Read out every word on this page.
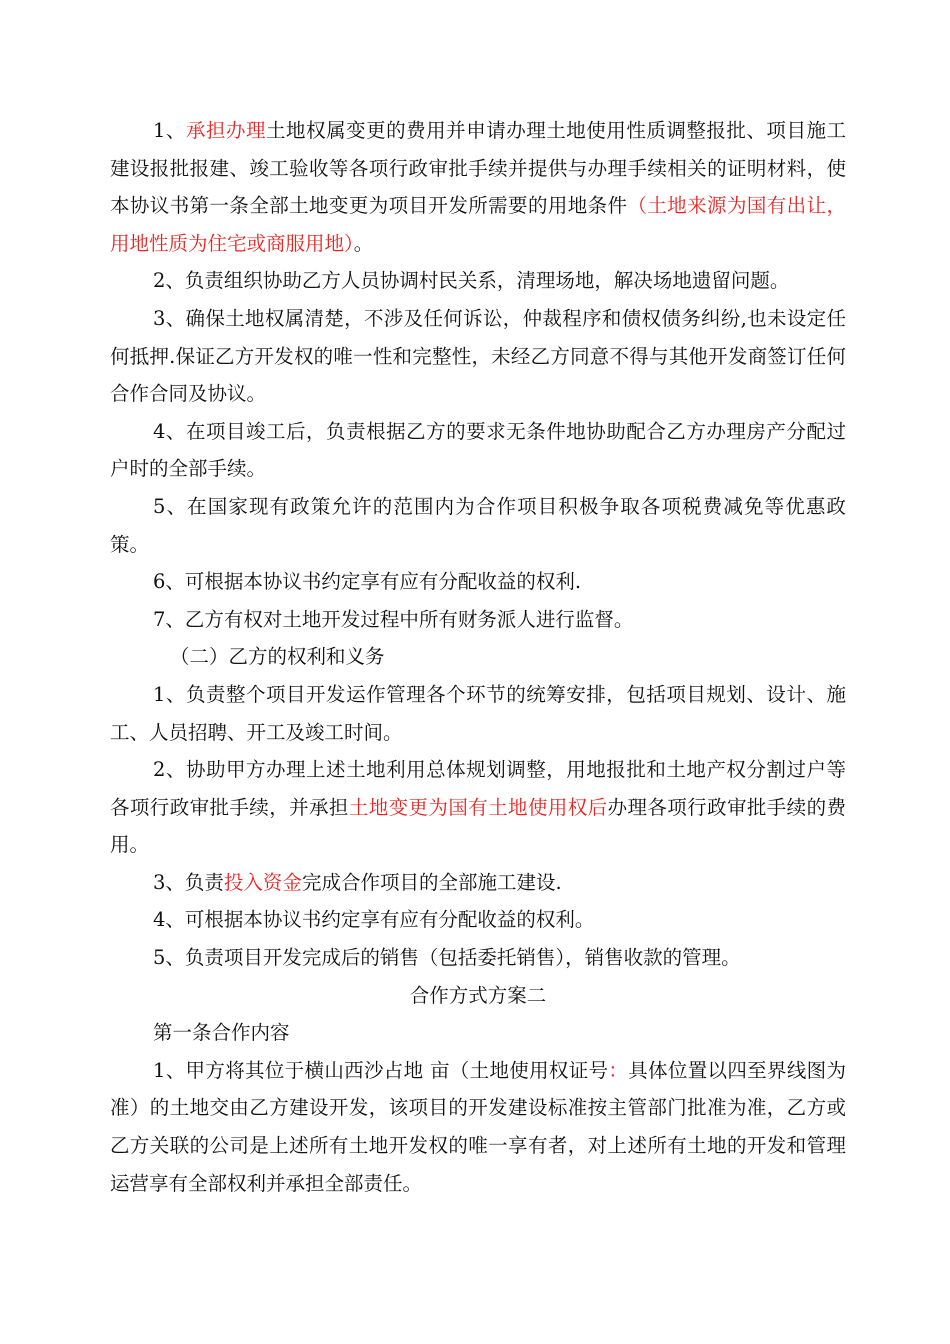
1、承担办理土地权属变更的费用并申请办理土地使用性质调整报批、项目施工建设报批报建、竣工验收等各项行政审批手续并提供与办理手续相关的证明材料，使本协议书第一条全部土地变更为项目开发所需要的用地条件（土地来源为国有出让，用地性质为住宅或商服用地）。

2、负责组织协助乙方人员协调村民关系，清理场地，解决场地遗留问题。

3、确保土地权属清楚，不涉及任何诉讼，仲裁程序和债权债务纠纷,也未设定任何抵押.保证乙方开发权的唯一性和完整性，未经乙方同意不得与其他开发商签订任何合作合同及协议。

4、在项目竣工后，负责根据乙方的要求无条件地协助配合乙方办理房产分配过户时的全部手续。

5、在国家现有政策允许的范围内为合作项目积极争取各项税费减免等优惠政策。

6、可根据本协议书约定享有应有分配收益的权利.

7、乙方有权对土地开发过程中所有财务派人进行监督。

（二）乙方的权利和义务

1、负责整个项目开发运作管理各个环节的统筹安排，包括项目规划、设计、施工、人员招聘、开工及竣工时间。

2、协助甲方办理上述土地利用总体规划调整，用地报批和土地产权分割过户等各项行政审批手续，并承担土地变更为国有土地使用权后办理各项行政审批手续的费用。

3、负责投入资金完成合作项目的全部施工建设.

4、可根据本协议书约定享有应有分配收益的权利。

5、负责项目开发完成后的销售（包括委托销售），销售收款的管理。

合作方式方案二

第一条合作内容

1、甲方将其位于横山西沙占地 亩（土地使用权证号：具体位置以四至界线图为准）的土地交由乙方建设开发，该项目的开发建设标准按主管部门批准为准，乙方或乙方关联的公司是上述所有土地开发权的唯一享有者，对上述所有土地的开发和管理运营享有全部权利并承担全部责任。
